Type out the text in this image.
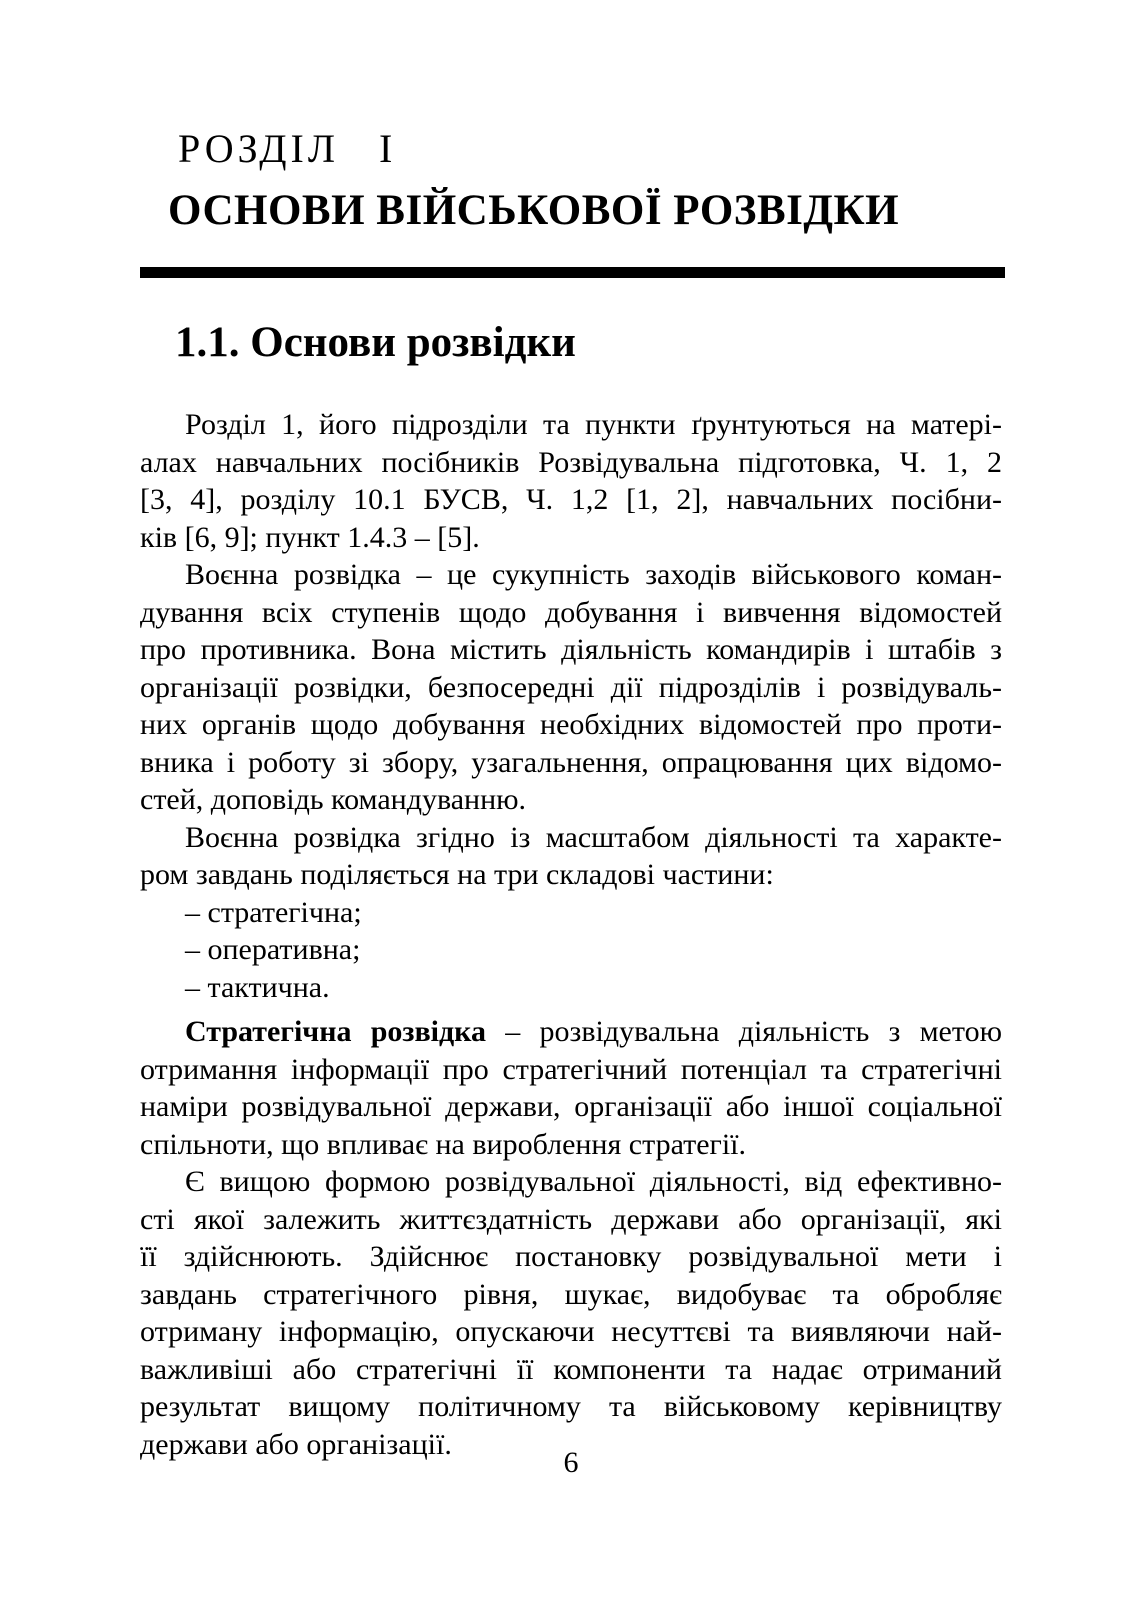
РОЗДІЛ І
ОСНОВИ ВІЙСЬКОВОЇ РОЗВІДКИ
1.1. Основи розвідки
Розділ 1, його підрозділи та пункти ґрунтуються на матері-
алах навчальних посібників Розвідувальна підготовка, Ч. 1, 2
[3, 4], розділу 10.1 БУСВ, Ч. 1,2 [1, 2], навчальних посібни-
ків [6, 9]; пункт 1.4.3 – [5].
Воєнна розвідка – це сукупність заходів військового коман-
дування всіх ступенів щодо добування і вивчення відомостей
про противника. Вона містить діяльність командирів і штабів з
організації розвідки, безпосередні дії підрозділів і розвідуваль-
них органів щодо добування необхідних відомостей про проти-
вника і роботу зі збору, узагальнення, опрацювання цих відомо-
стей, доповідь командуванню.
Воєнна розвідка згідно із масштабом діяльності та характе-
ром завдань поділяється на три складові частини:
– стратегічна;
– оперативна;
– тактична.
Стратегічна розвідка – розвідувальна діяльність з метою
отримання інформації про стратегічний потенціал та стратегічні
наміри розвідувальної держави, організації або іншої соціальної
спільноти, що впливає на вироблення стратегії.
Є вищою формою розвідувальної діяльності, від ефективно-
сті якої залежить життєздатність держави або організації, які
її здійснюють. Здійснює постановку розвідувальної мети і
завдань стратегічного рівня, шукає, видобуває та обробляє
отриману інформацію, опускаючи несуттєві та виявляючи най-
важливіші або стратегічні її компоненти та надає отриманий
результат вищому політичному та військовому керівництву
держави або організації.
6
